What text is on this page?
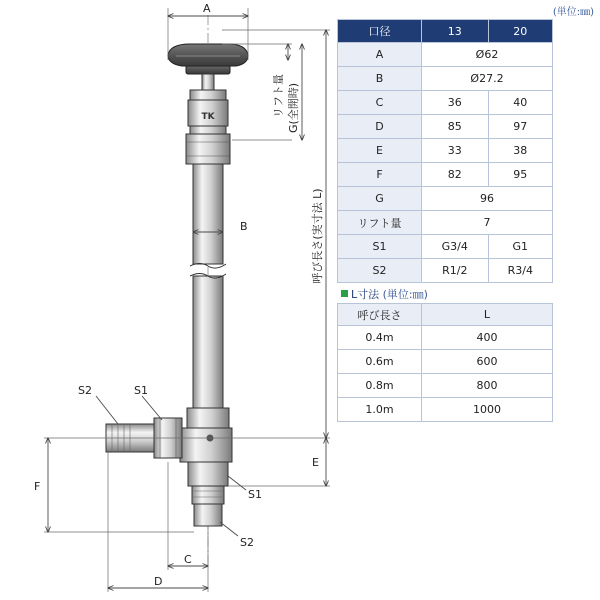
TK
A
B
C
D
E
F
S2	S1
S1
S2
リフト量 G(全開時)
呼び長さ(実寸法 L)
(単位:㎜)
口径	13	20
A	Ø62	
B	Ø27.2	
C	36	40
D	85	97
E	33	38
F	82	95
G	96	
リフト量	7	
S1	G3/4	G1
S2	R1/2	R3/4
L寸法 (単位:㎜)
呼び長さ	L
0.4m	400
0.6m	600
0.8m	800
1.0m	1000
